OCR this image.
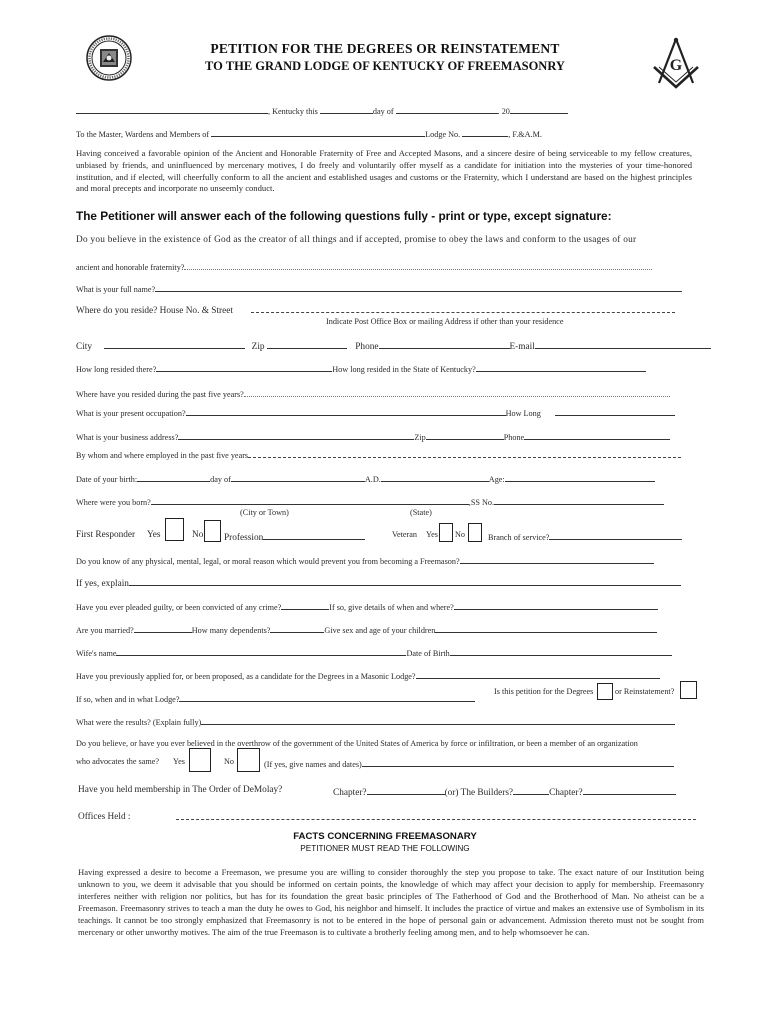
G
PETITION FOR THE DEGREES OR REINSTATEMENT
TO THE GRAND LODGE OF KENTUCKY OF FREEMASONRY
, Kentucky this	day of	. 20
To the Master, Wardens and Members of	Lodge No.	, F.&A.M.
Having conceived a favorable opinion of the Ancient and Honorable Fraternity of Free and Accepted Masons, and a sincere desire of being serviceable to my fellow creatures, unbiased by friends, and uninfluenced by mercenary motives, I do freely and voluntarily offer myself as a candidate for initiation into the mysteries of your time-honored institution, and if elected, will cheerfully conform to all the ancient and established usages and customs or the Fraternity, which I understand are based on the highest principles and moral precepts and incorporate no unseemly conduct.
The Petitioner will answer each of the following questions fully - print or type, except signature:
Do you believe in the existence of God as the creator of all things and if accepted, promise to obey the laws and conform to the usages of our
ancient and honorable fraternity?
What is your full name?
Where do you reside? House No. & Street
Indicate Post Office Box or mailing Address if other than your residence
City	Zip	Phone	E-mail
How long resided there?	How long resided in the State of Kentucky?
Where have you resided during the past five years?
What is your present occupation?	How Long
What is your business address?	Zip	Phone
By whom and where employed in the past five years
Date of your birth:	day of	A.D.	Age:
Where were you born?	,SS No.
(City or Town)	(State)
First Responder Yes	No Profession	Veteran Yes No	Branch of service?
Do you know of any physical, mental, legal, or moral reason which would prevent you from becoming a Freemason?
If yes, explain
Have you ever pleaded guilty, or been convicted of any crime?	If so, give details of when and where?
Are you married?	How many dependents?	Give sex and age of your children
Wife's name	Date of Birth
Have you previously applied for, or been proposed, as a candidate for the Degrees in a Masonic Lodge?
If so, when and in what Lodge?
Is this petition for the Degrees	or Reinstatement?
What were the results? (Explain fully)
Do you believe, or have you ever believed in the overthrow of the government of the United States of America by force or infiltration, or been a member of an organization
who advocates the same? Yes	No	(If yes, give names and dates)
Have you held membership in The Order of DeMolay?	Chapter?	(or) The Builders?	Chapter?
Offices Held :
FACTS CONCERNING FREEMASONARY
PETITIONER MUST READ THE FOLLOWING
Having expressed a desire to become a Freemason, we presume you are willing to consider thoroughly the step you propose to take. The exact nature of our Institution being unknown to you, we deem it advisable that you should be informed on certain points, the knowledge of which may affect your decision to apply for membership. Freemasonry interferes neither with religion nor politics, but has for its foundation the great basic principles of The Fatherhood of God and the Brotherhood of Man. No atheist can be a Freemason. Freemasonry strives to teach a man the duty he owes to God, his neighbor and himself. It includes the practice of virtue and makes an extensive use of Symbolism in its teachings. It cannot be too strongly emphasized that Freemasonry is not to be entered in the hope of personal gain or advancement. Admission thereto must not be sought from mercenary or other unworthy motives. The aim of the true Freemason is to cultivate a brotherly feeling among men, and to help whomsoever he can.
